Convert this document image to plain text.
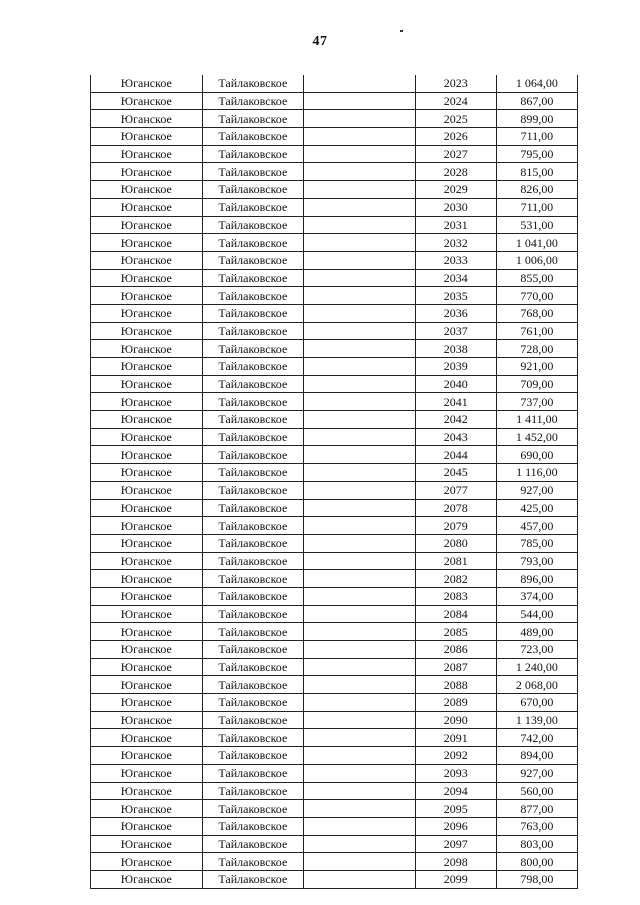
47
Юганское	Тайлаковское		2023	1 064,00
Юганское	Тайлаковское		2024	867,00
Юганское	Тайлаковское		2025	899,00
Юганское	Тайлаковское		2026	711,00
Юганское	Тайлаковское		2027	795,00
Юганское	Тайлаковское		2028	815,00
Юганское	Тайлаковское		2029	826,00
Юганское	Тайлаковское		2030	711,00
Юганское	Тайлаковское		2031	531,00
Юганское	Тайлаковское		2032	1 041,00
Юганское	Тайлаковское		2033	1 006,00
Юганское	Тайлаковское		2034	855,00
Юганское	Тайлаковское		2035	770,00
Юганское	Тайлаковское		2036	768,00
Юганское	Тайлаковское		2037	761,00
Юганское	Тайлаковское		2038	728,00
Юганское	Тайлаковское		2039	921,00
Юганское	Тайлаковское		2040	709,00
Юганское	Тайлаковское		2041	737,00
Юганское	Тайлаковское		2042	1 411,00
Юганское	Тайлаковское		2043	1 452,00
Юганское	Тайлаковское		2044	690,00
Юганское	Тайлаковское		2045	1 116,00
Юганское	Тайлаковское		2077	927,00
Юганское	Тайлаковское		2078	425,00
Юганское	Тайлаковское		2079	457,00
Юганское	Тайлаковское		2080	785,00
Юганское	Тайлаковское		2081	793,00
Юганское	Тайлаковское		2082	896,00
Юганское	Тайлаковское		2083	374,00
Юганское	Тайлаковское		2084	544,00
Юганское	Тайлаковское		2085	489,00
Юганское	Тайлаковское		2086	723,00
Юганское	Тайлаковское		2087	1 240,00
Юганское	Тайлаковское		2088	2 068,00
Юганское	Тайлаковское		2089	670,00
Юганское	Тайлаковское		2090	1 139,00
Юганское	Тайлаковское		2091	742,00
Юганское	Тайлаковское		2092	894,00
Юганское	Тайлаковское		2093	927,00
Юганское	Тайлаковское		2094	560,00
Юганское	Тайлаковское		2095	877,00
Юганское	Тайлаковское		2096	763,00
Юганское	Тайлаковское		2097	803,00
Юганское	Тайлаковское		2098	800,00
Юганское	Тайлаковское		2099	798,00
